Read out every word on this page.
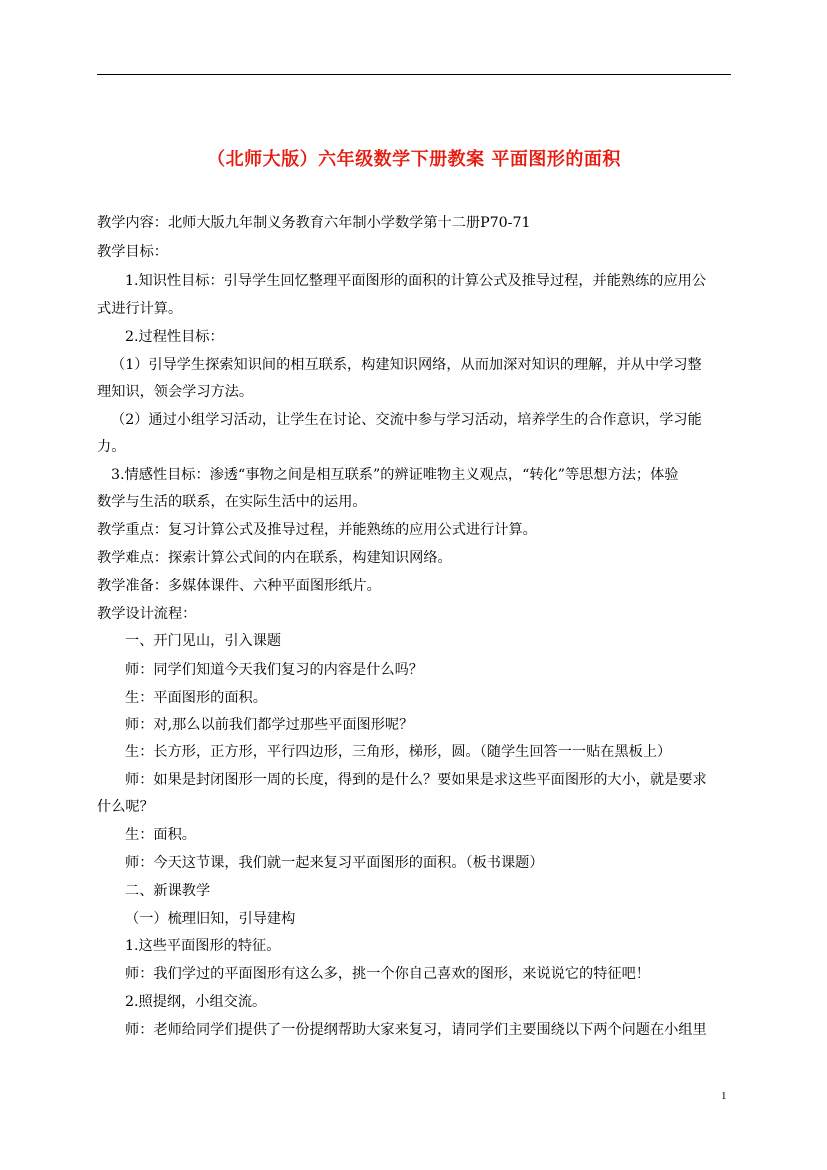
（北师大版）六年级数学下册教案 平面图形的面积
教学内容：北师大版九年制义务教育六年制小学数学第十二册P70-71
教学目标：
1.知识性目标：引导学生回忆整理平面图形的面积的计算公式及推导过程，并能熟练的应用公
式进行计算。
2.过程性目标：
（1）引导学生探索知识间的相互联系，构建知识网络，从而加深对知识的理解，并从中学习整
理知识，领会学习方法。
（2）通过小组学习活动，让学生在讨论、交流中参与学习活动，培养学生的合作意识，学习能
力。
3.情感性目标：渗透“事物之间是相互联系”的辨证唯物主义观点，“转化”等思想方法；体验
数学与生活的联系，在实际生活中的运用。
教学重点：复习计算公式及推导过程，并能熟练的应用公式进行计算。
教学难点：探索计算公式间的内在联系，构建知识网络。
教学准备：多媒体课件、六种平面图形纸片。
教学设计流程：
一、开门见山，引入课题
师：同学们知道今天我们复习的内容是什么吗？
生：平面图形的面积。
师：对,那么以前我们都学过那些平面图形呢？
生：长方形，正方形，平行四边形，三角形，梯形，圆。（随学生回答一一贴在黑板上）
师：如果是封闭图形一周的长度，得到的是什么？要如果是求这些平面图形的大小，就是要求
什么呢？
生：面积。
师：今天这节课，我们就一起来复习平面图形的面积。（板书课题）
二、新课教学
（一）梳理旧知，引导建构
1.这些平面图形的特征。
师：我们学过的平面图形有这么多，挑一个你自己喜欢的图形，来说说它的特征吧！
2.照提纲，小组交流。
师：老师给同学们提供了一份提纲帮助大家来复习，请同学们主要围绕以下两个问题在小组里
1
